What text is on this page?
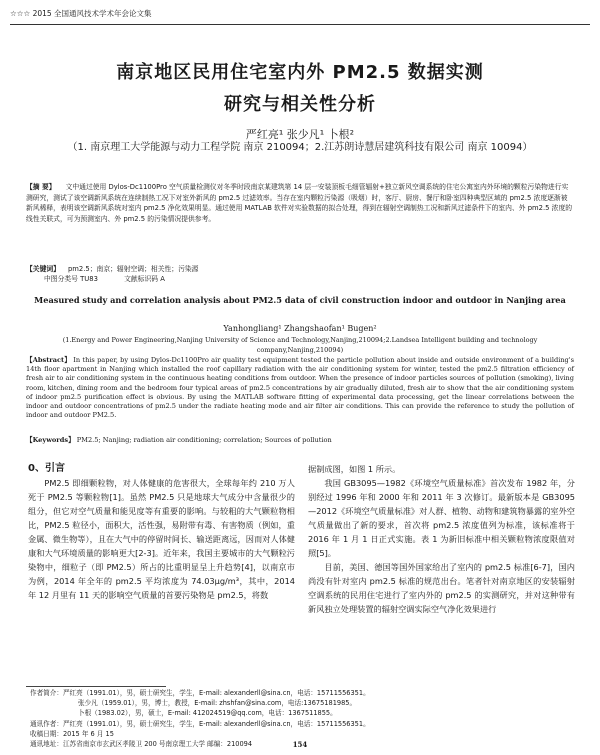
☆☆☆ 2015 全国通风技术学术年会论文集
南京地区民用住宅室内外 PM2.5 数据实测
研究与相关性分析
严红亮¹ 张少凡¹ 卜根²
（1. 南京理工大学能源与动力工程学院 南京 210094；2.江苏朗诗慧居建筑科技有限公司 南京 10094）
【摘 要】 文中通过使用 Dylos-Dc1100Pro 空气质量检测仪对冬季时段南京某建筑第 14 层一安装顶板毛细管辐射+独立新风空调系统的住宅公寓室内外环境的颗粒污染物进行实测研究，测试了该空调新风系统在连续制热工况下对室外新风的 pm2.5 过滤效率。当存在室内颗粒污染源（吸烟）时，客厅、厨房、餐厅和卧室四种典型区域的 pm2.5 浓度逐渐被新风稀释，表明该空调新风系统对室内 pm2.5 净化效果明显。通过使用 MATLAB 软件对实验数据的拟合处理，得到在辐射空调制热工况和新风过滤条件下的室内、外 pm2.5 浓度的线性关联式，可为预测室内、外 pm2.5 的污染情况提供参考。
【关键词】 pm2.5；南京；辐射空调；相关性；污染源
中图分类号 TU83	文献标识码 A
Measured study and correlation analysis about PM2.5 data of civil construction indoor and outdoor in Nanjing area
Yanhongliang¹ Zhangshaofan¹ Bugen²
(1.Energy and Power Engineering,Nanjing University of Science and Technology,Nanjing,210094;2.Landsea Intelligent building and technology company,Nanjing,210094)
【Abstract】 In this paper, by using Dylos-Dc1100Pro air quality test equipment tested the particle pollution about inside and outside environment of a building's 14th floor apartment in Nanjing which installed the roof capillary radiation with the air conditioning system for winter, tested the pm2.5 filtration efficiency of fresh air to air conditioning system in the continuous heating conditions from outdoor. When the presence of indoor particles sources of pollution (smoking), living room, kitchen, dining room and the bedroom four typical areas of pm2.5 concentrations by air gradually diluted, fresh air to show that the air conditioning system of indoor pm2.5 purification effect is obvious. By using the MATLAB software fitting of experimental data processing, get the linear correlations between the indoor and outdoor concentrations of pm2.5 under the radiate heating mode and air filter air conditions. This can provide the reference to study the pollution of indoor and outdoor PM2.5.
【Keywords】 PM2.5; Nanjing; radiation air conditioning; correlation; Sources of pollution

0、引言

PM2.5 即细颗粒物，对人体健康的危害很大，全球每年约 210 万人死于 PM2.5 等颗粒物[1]。虽然 PM2.5 只是地球大气成分中含量很少的组分，但它对空气质量和能见度等有重要的影响。与较粗的大气颗粒物相比，PM2.5 粒径小，面积大，活性强，易附带有毒、有害物质（例如，重金属、微生物等），且在大气中的停留时间长、输送距离远，因而对人体健康和大气环境质量的影响更大[2-3]。近年来，我国主要城市的大气颗粒污染物中，细粒子（即 PM2.5）所占的比重明显呈上升趋势[4]，以南京市为例，2014 年全年的 pm2.5 平均浓度为 74.03μg/m³，其中，2014 年 12 月里有 11 天的影响空气质量的首要污染物是 pm2.5，将数

据制成图，如图 1 所示。

我国 GB3095—1982《环境空气质量标准》首次发布 1982 年，分别经过 1996 年和 2000 年和 2011 年 3 次修订。最新版本是 GB3095—2012《环境空气质量标准》对人群、植物、动物和建筑物暴露的室外空气质量做出了新的要求，首次将 pm2.5 浓度值列为标准，该标准将于 2016 年 1 月 1 日正式实施。表 1 为新旧标准中相关颗粒物浓度限值对照[5]。

目前，美国、德国等国外国家给出了室内的 pm2.5 标准[6-7]，国内尚没有针对室内 pm2.5 标准的规范出台。笔者针对南京地区的安装辐射空调系统的民用住宅进行了室内外的 pm2.5 的实测研究，并对这种带有新风独立处理装置的辐射空调实际空气净化效果进行

作者简介：严红亮（1991.01），男，硕士研究生，学生，E-mail: alexanderll@sina.cn，电话：15711556351。
张少凡（1959.01），男，博士，教授，E-mail: zhshfan@sina.com，电话:13675181985。
卜根（1983.02），男，硕士，E-mail: 412024519@qq.com，电话：1367511855。
通讯作者：严红亮（1991.01），男，硕士研究生，学生，E-mail: alexanderll@sina.cn，电话：15711556351。
收稿日期：2015 年 6 月 15
通讯地址：江苏省南京市玄武区孝陵卫 200 号南京理工大学 邮编：210094	154
